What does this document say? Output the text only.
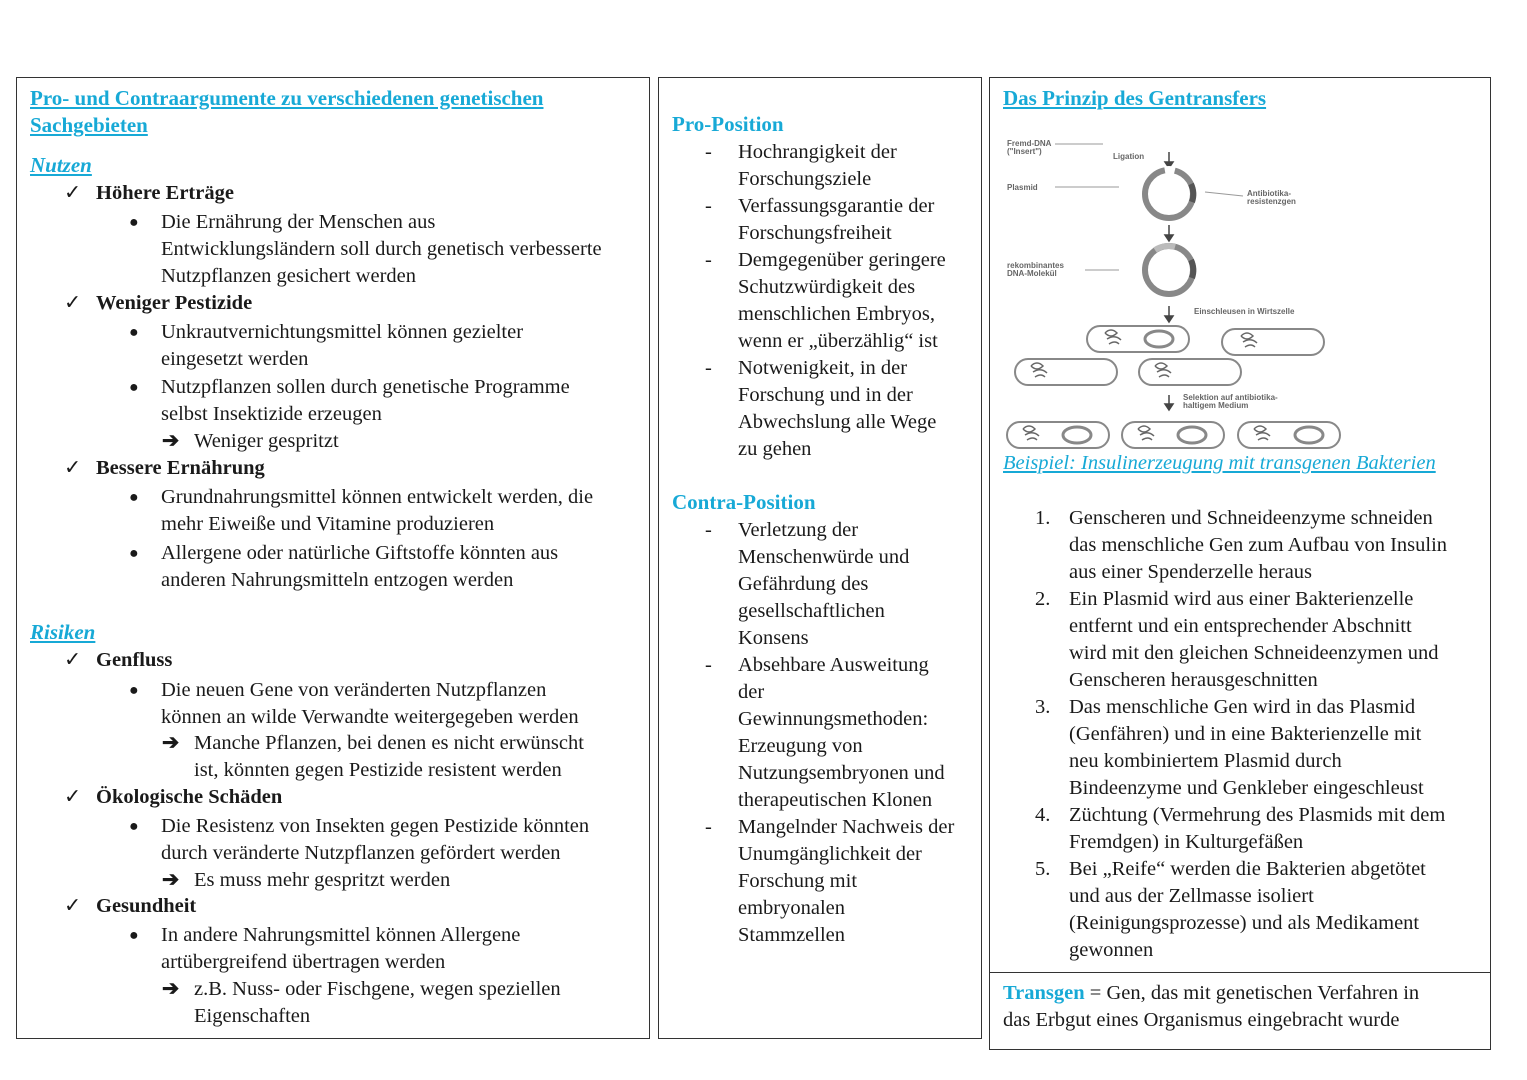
Pro- und Contraargumente zu verschiedenen genetischen
Sachgebieten
Nutzen
✓ Höhere Erträge
● Die Ernährung der Menschen aus
Entwicklungsländern soll durch genetisch verbesserte
Nutzpflanzen gesichert werden
✓ Weniger Pestizide
● Unkrautvernichtungsmittel können gezielter
eingesetzt werden
● Nutzpflanzen sollen durch genetische Programme
selbst Insektizide erzeugen
➔ Weniger gespritzt
✓ Bessere Ernährung
● Grundnahrungsmittel können entwickelt werden, die
mehr Eiweiße und Vitamine produzieren
● Allergene oder natürliche Giftstoffe könnten aus
anderen Nahrungsmitteln entzogen werden
Risiken
✓ Genfluss
● Die neuen Gene von veränderten Nutzpflanzen
können an wilde Verwandte weitergegeben werden
➔ Manche Pflanzen, bei denen es nicht erwünscht
ist, könnten gegen Pestizide resistent werden
✓ Ökologische Schäden
● Die Resistenz von Insekten gegen Pestizide könnten
durch veränderte Nutzpflanzen gefördert werden
➔ Es muss mehr gespritzt werden
✓ Gesundheit
● In andere Nahrungsmittel können Allergene
artübergreifend übertragen werden
➔ z.B. Nuss- oder Fischgene, wegen speziellen
Eigenschaften
Pro-Position
- Hochrangigkeit der
Forschungsziele
- Verfassungsgarantie der
Forschungsfreiheit
- Demgegenüber geringere
Schutzwürdigkeit des
menschlichen Embryos,
wenn er „überzählig“ ist
- Notwenigkeit, in der
Forschung und in der
Abwechslung alle Wege
zu gehen
Contra-Position
- Verletzung der
Menschenwürde und
Gefährdung des
gesellschaftlichen
Konsens
- Absehbare Ausweitung
der
Gewinnungsmethoden:
Erzeugung von
Nutzungsembryonen und
therapeutischen Klonen
- Mangelnder Nachweis der
Unumgänglichkeit der
Forschung mit
embryonalen
Stammzellen
Das Prinzip des Gentransfers
Fremd-DNA
("Insert")
Ligation
Plasmid
Antibiotika-
resistenzgen
rekombinantes
DNA-Molekül
Einschleusen in Wirtszelle
Selektion auf antibiotika-
haltigem Medium
Beispiel: Insulinerzeugung mit transgenen Bakterien
1. Genscheren und Schneideenzyme schneiden
das menschliche Gen zum Aufbau von Insulin
aus einer Spenderzelle heraus
2. Ein Plasmid wird aus einer Bakterienzelle
entfernt und ein entsprechender Abschnitt
wird mit den gleichen Schneideenzymen und
Genscheren herausgeschnitten
3. Das menschliche Gen wird in das Plasmid
(Genfähren) und in eine Bakterienzelle mit
neu kombiniertem Plasmid durch
Bindeenzyme und Genkleber eingeschleust
4. Züchtung (Vermehrung des Plasmids mit dem
Fremdgen) in Kulturgefäßen
5. Bei „Reife“ werden die Bakterien abgetötet
und aus der Zellmasse isoliert
(Reinigungsprozesse) und als Medikament
gewonnen
Transgen = Gen, das mit genetischen Verfahren in
das Erbgut eines Organismus eingebracht wurde
